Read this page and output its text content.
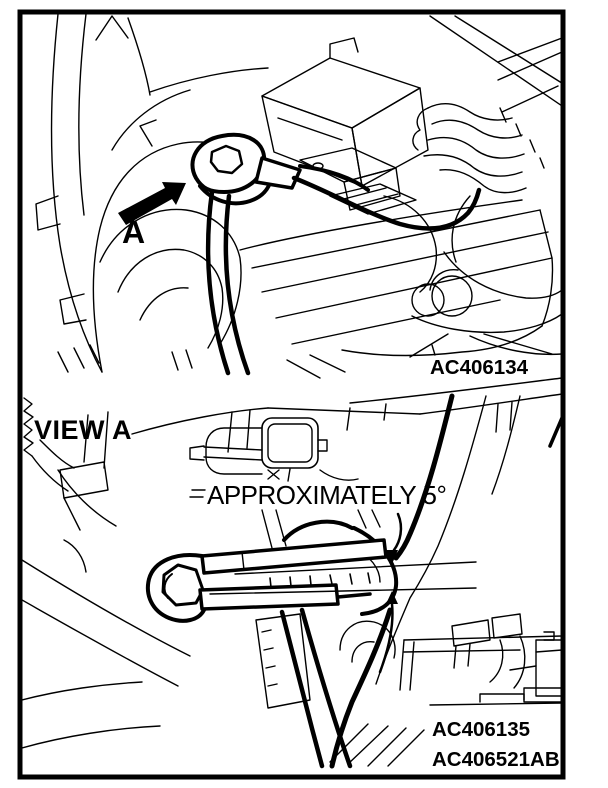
A
AC406134
VIEW A
APPROXIMATELY 5°
AC406135
AC406521AB
